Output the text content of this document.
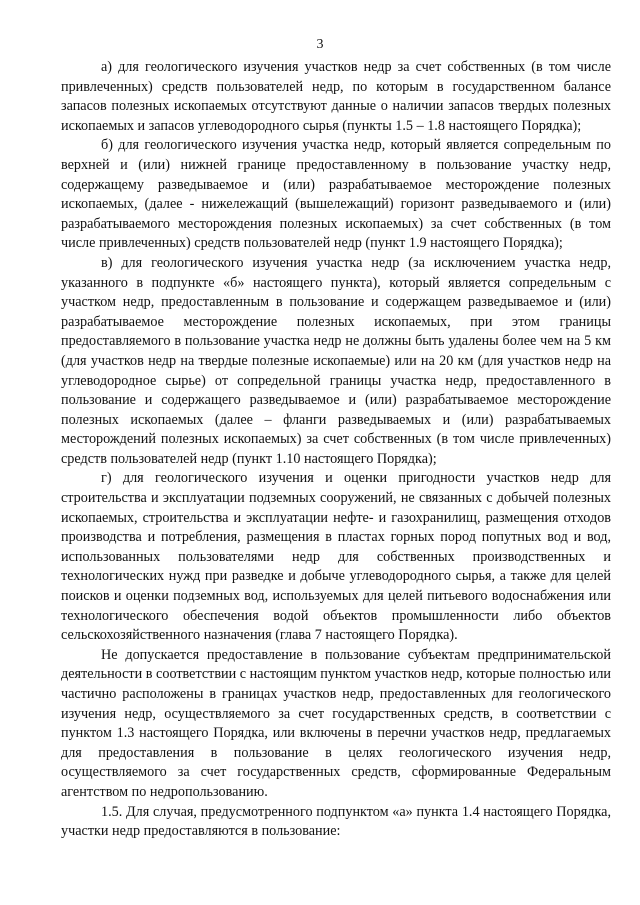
3

а) для геологического изучения участков недр за счет собственных (в том числе привлеченных) средств пользователей недр, по которым в государственном балансе запасов полезных ископаемых отсутствуют данные о наличии запасов твердых полезных ископаемых и запасов углеводородного сырья (пункты 1.5 – 1.8 настоящего Порядка);

б) для геологического изучения участка недр, который является сопредельным по верхней и (или) нижней границе предоставленному в пользование участку недр, содержащему разведываемое и (или) разрабатываемое месторождение полезных ископаемых, (далее - нижележащий (вышележащий) горизонт разведываемого и (или) разрабатываемого месторождения полезных ископаемых) за счет собственных (в том числе привлеченных) средств пользователей недр (пункт 1.9 настоящего Порядка);

в) для геологического изучения участка недр (за исключением участка недр, указанного в подпункте «б» настоящего пункта), который является сопредельным с участком недр, предоставленным в пользование и содержащем разведываемое и (или) разрабатываемое месторождение полезных ископаемых, при этом границы предоставляемого в пользование участка недр не должны быть удалены более чем на 5 км (для участков недр на твердые полезные ископаемые) или на 20 км (для участков недр на углеводородное сырье) от сопредельной границы участка недр, предоставленного в пользование и содержащего разведываемое и (или) разрабатываемое месторождение полезных ископаемых (далее – фланги разведываемых и (или) разрабатываемых месторождений полезных ископаемых) за счет собственных (в том числе привлеченных) средств пользователей недр (пункт 1.10 настоящего Порядка);

г) для геологического изучения и оценки пригодности участков недр для строительства и эксплуатации подземных сооружений, не связанных с добычей полезных ископаемых, строительства и эксплуатации нефте- и газохранилищ, размещения отходов производства и потребления, размещения в пластах горных пород попутных вод и вод, использованных пользователями недр для собственных производственных и технологических нужд при разведке и добыче углеводородного сырья, а также для целей поисков и оценки подземных вод, используемых для целей питьевого водоснабжения или технологического обеспечения водой объектов промышленности либо объектов сельскохозяйственного назначения (глава 7 настоящего Порядка).

Не допускается предоставление в пользование субъектам предпринимательской деятельности в соответствии с настоящим пунктом участков недр, которые полностью или частично расположены в границах участков недр, предоставленных для геологического изучения недр, осуществляемого за счет государственных средств, в соответствии с пунктом 1.3 настоящего Порядка, или включены в перечни участков недр, предлагаемых для предоставления в пользование в целях геологического изучения недр, осуществляемого за счет государственных средств, сформированные Федеральным агентством по недропользованию.

1.5. Для случая, предусмотренного подпунктом «а» пункта 1.4 настоящего Порядка, участки недр предоставляются в пользование:
